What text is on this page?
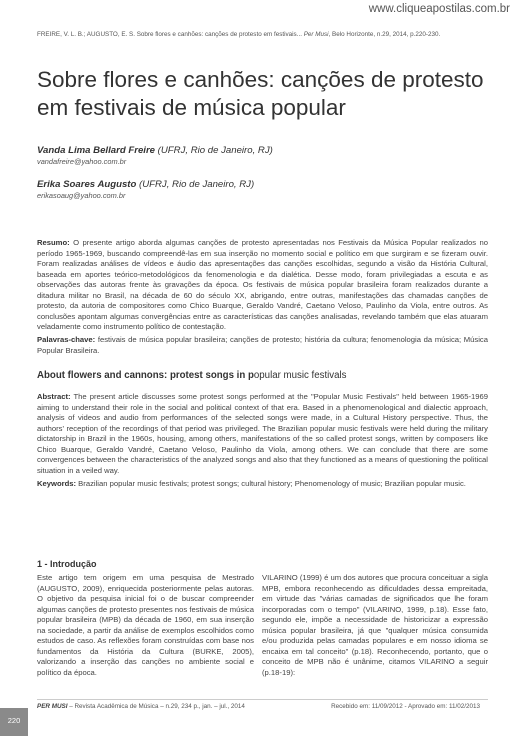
www.cliqueapostilas.com.br
FREIRE, V. L. B.; AUGUSTO, E. S. Sobre flores e canhões: canções de protesto em festivais... Per Musi, Belo Horizonte, n.29, 2014, p.220-230.
Sobre flores e canhões: canções de protesto em festivais de música popular
Vanda Lima Bellard Freire (UFRJ, Rio de Janeiro, RJ)
vandafreire@yahoo.com.br
Erika Soares Augusto (UFRJ, Rio de Janeiro, RJ)
erikasoaug@yahoo.com.br
Resumo: O presente artigo aborda algumas canções de protesto apresentadas nos Festivais da Música Popular realizados no período 1965-1969, buscando compreendê-las em sua inserção no momento social e político em que surgiram e se fizeram ouvir. Foram realizadas análises de vídeos e áudio das apresentações das canções escolhidas, segundo a visão da História Cultural, baseada em aportes teórico-metodológicos da fenomenologia e da dialética. Desse modo, foram privilegiadas a escuta e as observações das autoras frente às gravações da época. Os festivais de música popular brasileira foram realizados durante a ditadura militar no Brasil, na década de 60 do século XX, abrigando, entre outras, manifestações das chamadas canções de protesto, da autoria de compositores como Chico Buarque, Geraldo Vandré, Caetano Veloso, Paulinho da Viola, entre outros. As conclusões apontam algumas convergências entre as características das canções analisadas, revelando também que elas atuaram veladamente como instrumento político de contestação.
Palavras-chave: festivais de música popular brasileira; canções de protesto; história da cultura; fenomenologia da música; Música Popular Brasileira.
About flowers and cannons: protest songs in popular music festivals
Abstract: The present article discusses some protest songs performed at the "Popular Music Festivals" held between 1965-1969 aiming to understand their role in the social and political context of that era. Based in a phenomenological and dialectic approach, analysis of videos and audio from performances of the selected songs were made, in a Cultural History perspective. Thus, the authors' reception of the recordings of that period was privileged. The Brazilian popular music festivals were held during the military dictatorship in Brazil in the 1960s, housing, among others, manifestations of the so called protest songs, written by composers like Chico Buarque, Geraldo Vandré, Caetano Veloso, Paulinho da Viola, among others. We can conclude that there are some convergences between the characteristics of the analyzed songs and also that they functioned as a means of questioning the political situation in a veiled way.
Keywords: Brazilian popular music festivals; protest songs; cultural history; Phenomenology of music; Brazilian popular music.
1 - Introdução
Este artigo tem origem em uma pesquisa de Mestrado (AUGUSTO, 2009), enriquecida posteriormente pelas autoras. O objetivo da pesquisa inicial foi o de buscar compreender algumas canções de protesto presentes nos festivais de música popular brasileira (MPB) da década de 1960, em sua inserção na sociedade, a partir da análise de exemplos escolhidos como estudos de caso. As reflexões foram construídas com base nos fundamentos da História da Cultura (BURKE, 2005), valorizando a inserção das canções no ambiente social e político da época.
VILARINO (1999) é um dos autores que procura conceituar a sigla MPB, embora reconhecendo as dificuldades dessa empreitada, em virtude das "várias camadas de significados que lhe foram incorporadas com o tempo" (VILARINO, 1999, p.18). Esse fato, segundo ele, impõe a necessidade de historicizar a expressão música popular brasileira, já que "qualquer música consumida e/ou produzida pelas camadas populares e em nosso idioma se encaixa em tal conceito" (p.18). Reconhecendo, portanto, que o conceito de MPB não é unânime, citamos VILARINO a seguir (p.18-19):
PER MUSI – Revista Acadêmica de Música – n.29, 234 p., jan. – jul., 2014	Recebido em: 11/09/2012 - Aprovado em: 11/02/2013
220
